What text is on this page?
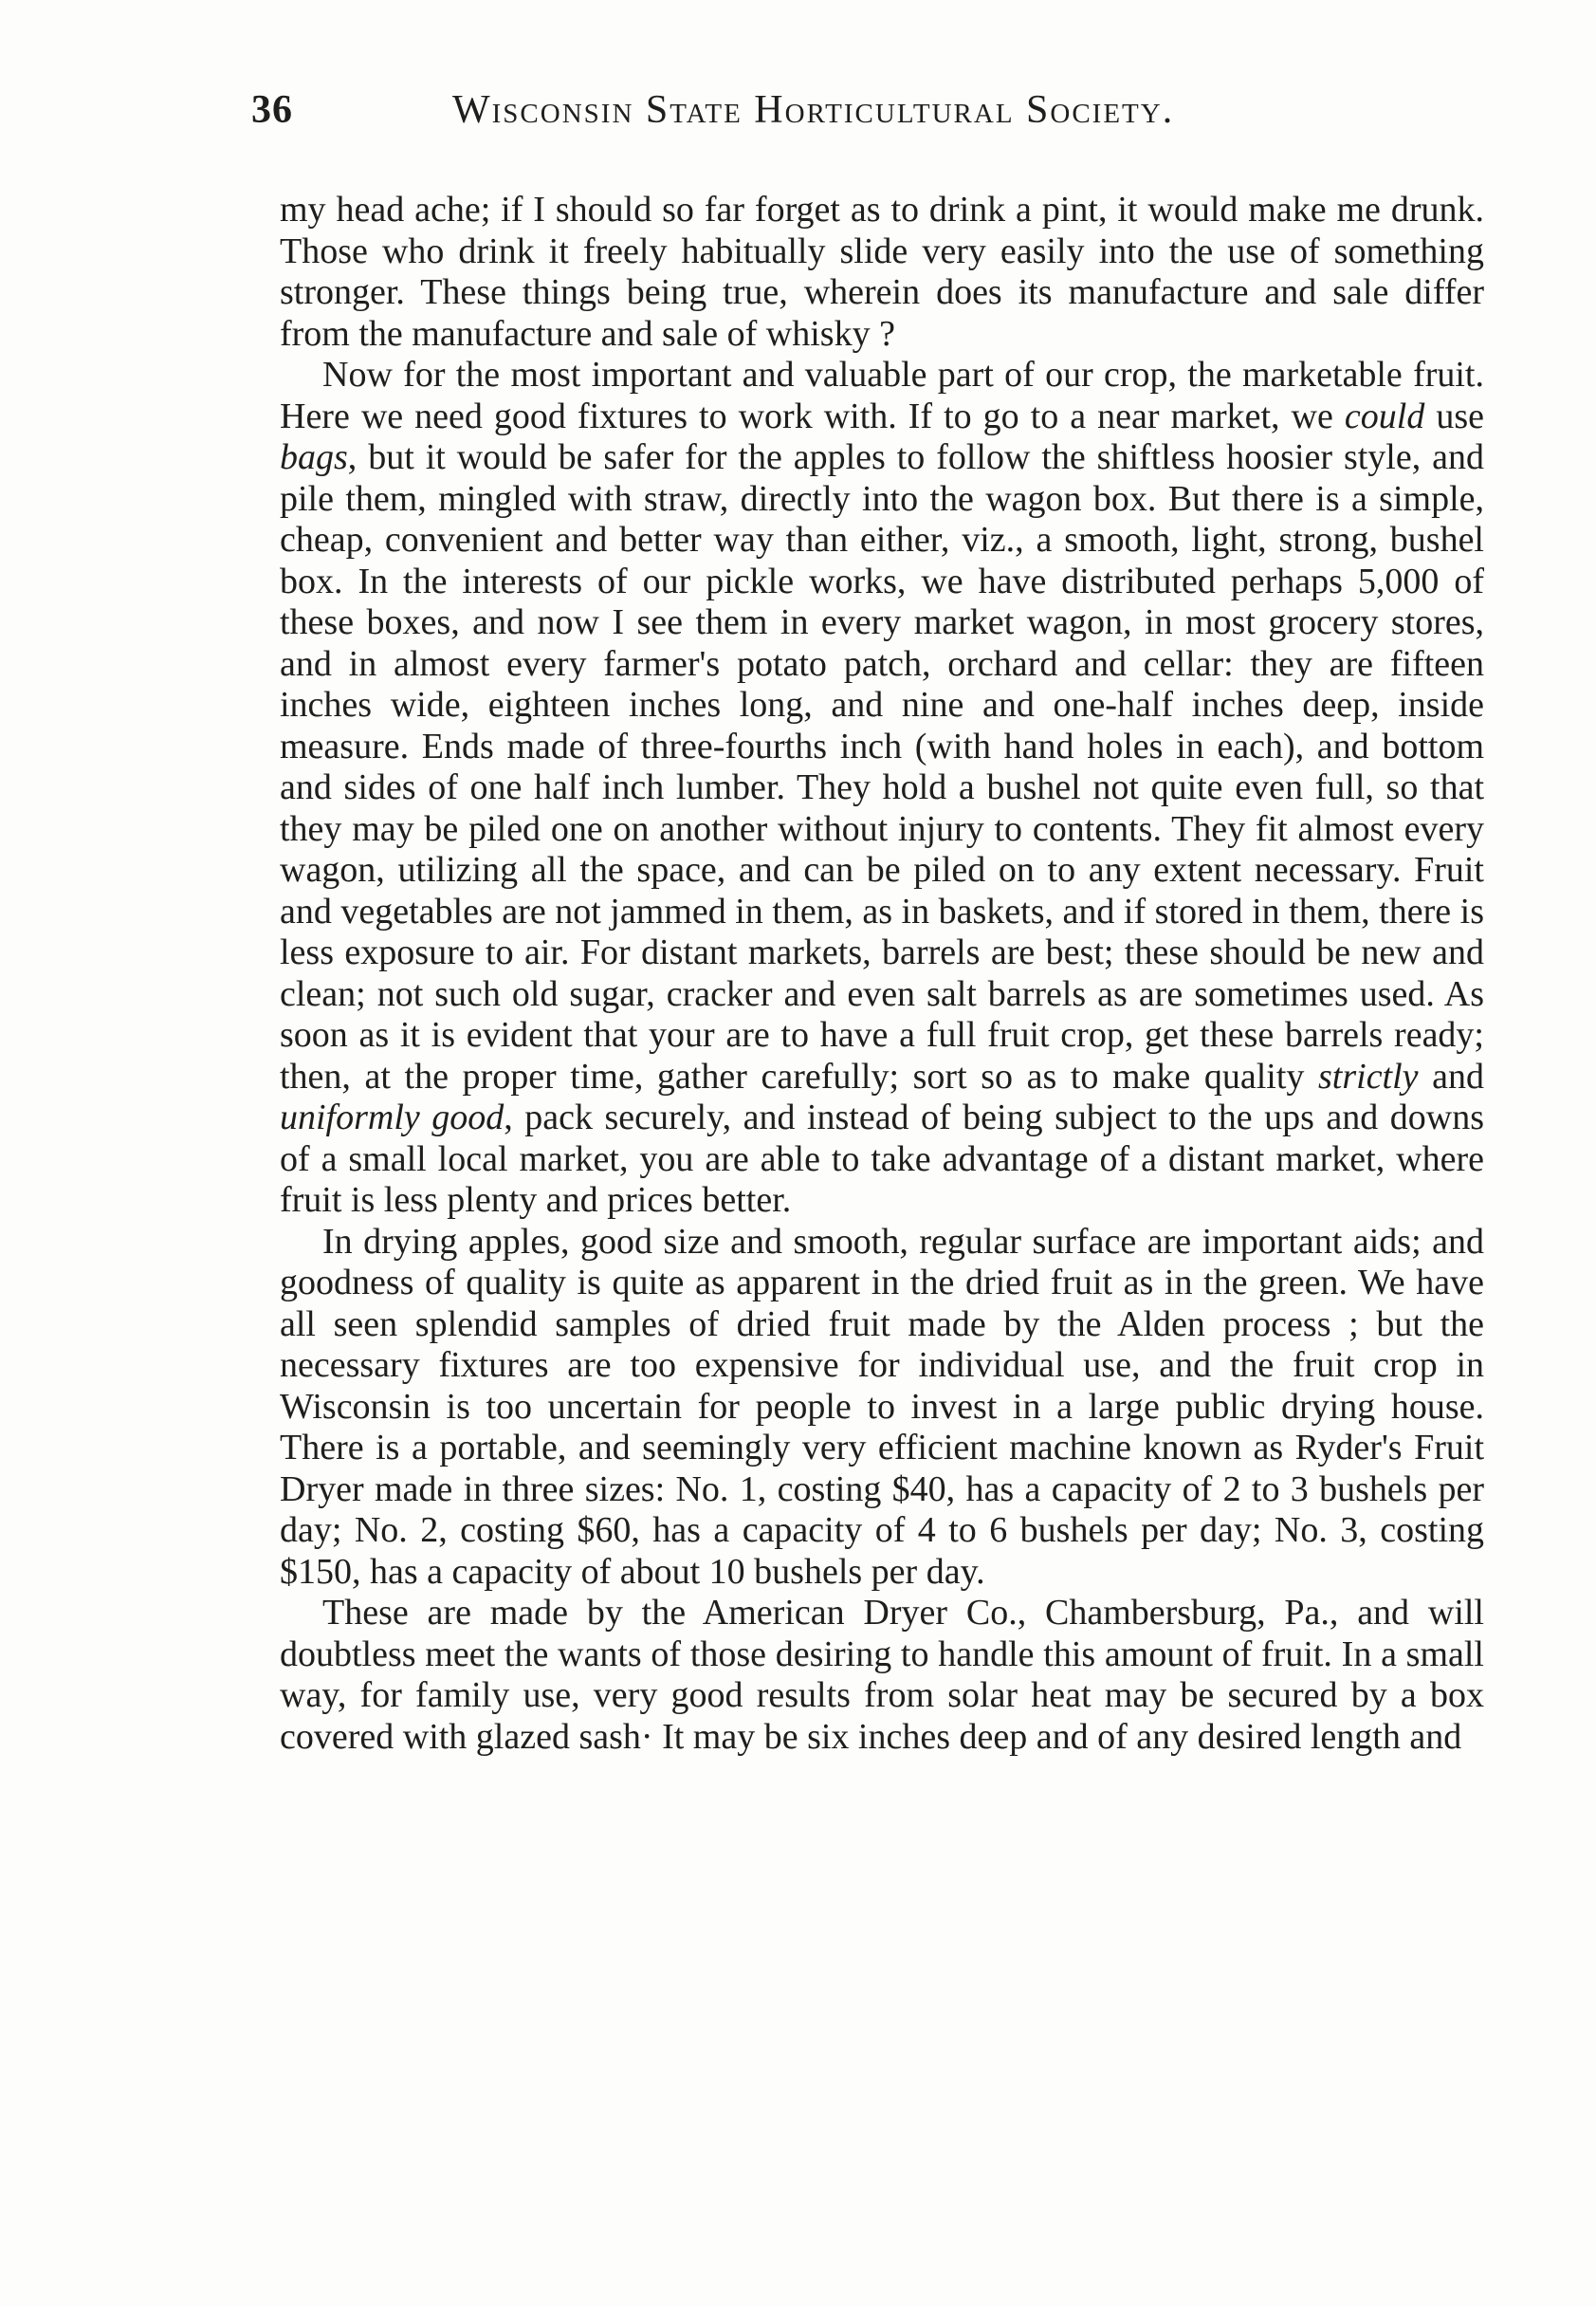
36	Wisconsin State Horticultural Society.

my head ache; if I should so far forget as to drink a pint, it would make me drunk. Those who drink it freely habitually slide very easily into the use of something stronger. These things being true, wherein does its manufacture and sale differ from the manufacture and sale of whisky ?

Now for the most important and valuable part of our crop, the marketable fruit. Here we need good fixtures to work with. If to go to a near market, we could use bags, but it would be safer for the apples to follow the shiftless hoosier style, and pile them, mingled with straw, directly into the wagon box. But there is a simple, cheap, convenient and better way than either, viz., a smooth, light, strong, bushel box. In the interests of our pickle works, we have distributed perhaps 5,000 of these boxes, and now I see them in every market wagon, in most grocery stores, and in almost every farmer's potato patch, orchard and cellar: they are fifteen inches wide, eighteen inches long, and nine and one-half inches deep, inside measure. Ends made of three-fourths inch (with hand holes in each), and bottom and sides of one half inch lumber. They hold a bushel not quite even full, so that they may be piled one on another without injury to contents. They fit almost every wagon, utilizing all the space, and can be piled on to any extent necessary. Fruit and vegetables are not jammed in them, as in baskets, and if stored in them, there is less exposure to air. For distant markets, barrels are best; these should be new and clean; not such old sugar, cracker and even salt barrels as are sometimes used. As soon as it is evident that your are to have a full fruit crop, get these barrels ready; then, at the proper time, gather carefully; sort so as to make quality strictly and uniformly good, pack securely, and instead of being subject to the ups and downs of a small local market, you are able to take advantage of a distant market, where fruit is less plenty and prices better.

In drying apples, good size and smooth, regular surface are important aids; and goodness of quality is quite as apparent in the dried fruit as in the green. We have all seen splendid samples of dried fruit made by the Alden process ; but the necessary fixtures are too expensive for individual use, and the fruit crop in Wisconsin is too uncertain for people to invest in a large public drying house. There is a portable, and seemingly very efficient machine known as Ryder's Fruit Dryer made in three sizes: No. 1, costing $40, has a capacity of 2 to 3 bushels per day; No. 2, costing $60, has a capacity of 4 to 6 bushels per day; No. 3, costing $150, has a capacity of about 10 bushels per day.

These are made by the American Dryer Co., Chambersburg, Pa., and will doubtless meet the wants of those desiring to handle this amount of fruit. In a small way, for family use, very good results from solar heat may be secured by a box covered with glazed sash· It may be six inches deep and of any desired length and
